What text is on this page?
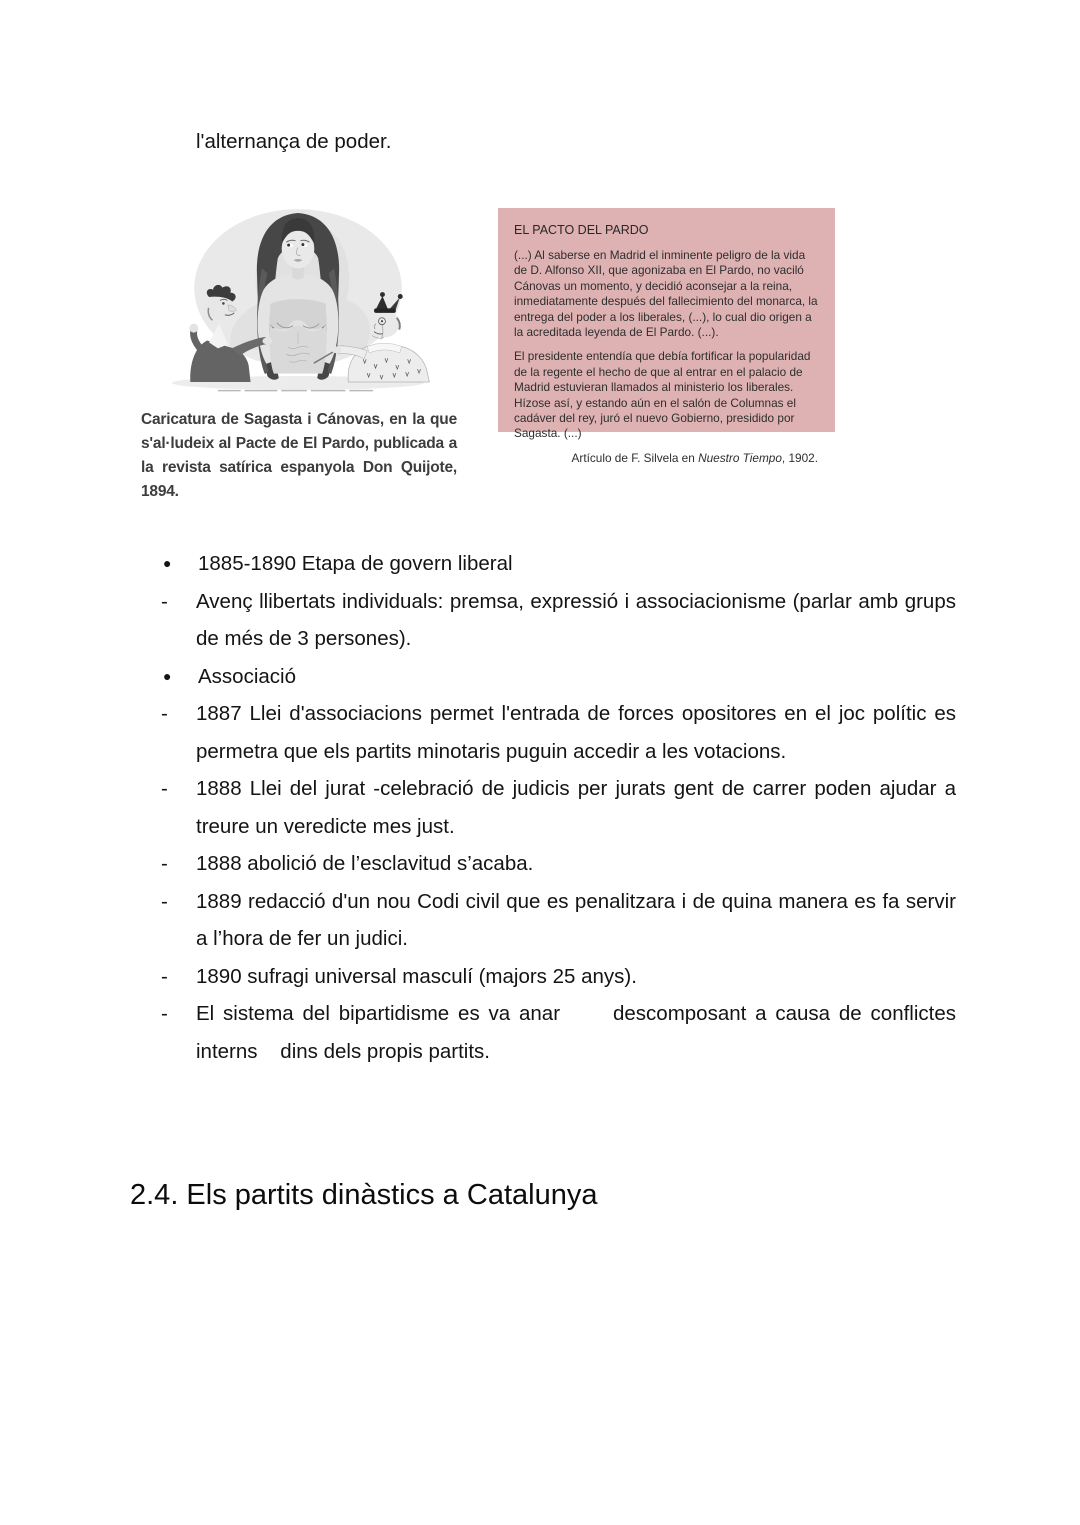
l'alternança de poder.
Caricatura de Sagasta i Cánovas, en la que s'al·ludeix al Pacte de El Pardo, publicada a la revista satírica espanyola Don Quijote, 1894.
EL PACTO DEL PARDO

(...) Al saberse en Madrid el inminente peligro de la vida de D. Alfonso XII, que agonizaba en El Pardo, no vaciló Cánovas un momento, y decidió aconsejar a la reina, inmediatamente después del fallecimiento del monarca, la entrega del poder a los liberales, (...), lo cual dio origen a la acreditada leyenda de El Pardo. (...).

El presidente entendía que debía fortificar la popularidad de la regente el hecho de que al entrar en el palacio de Madrid estuvieran llamados al ministerio los liberales. Hízose así, y estando aún en el salón de Columnas el cadáver del rey, juró el nuevo Gobierno, presidido por Sagasta. (...)

Artículo de F. Silvela en Nuestro Tiempo, 1902.
●	1885-1890 Etapa de govern liberal
-	Avenç llibertats individuals: premsa, expressió i associacionisme (parlar amb grups de més de 3 persones).
●	Associació
-	1887 Llei d'associacions permet l'entrada de forces opositores en el joc polític es permetra que els partits minotaris puguin accedir a les votacions.
-	1888 Llei del jurat -celebració de judicis per jurats gent de carrer poden ajudar a treure un veredicte mes just.
-	1888 abolició de l’esclavitud s’acaba.
-	1889 redacció d'un nou Codi civil que es penalitzara i de quina manera es fa servir a l’hora de fer un judici.
-	1890 sufragi universal masculí (majors 25 anys).
-	El sistema del bipartidisme es va anar      descomposant a causa de conflictes interns    dins dels propis partits.
2.4. Els partits dinàstics a Catalunya
